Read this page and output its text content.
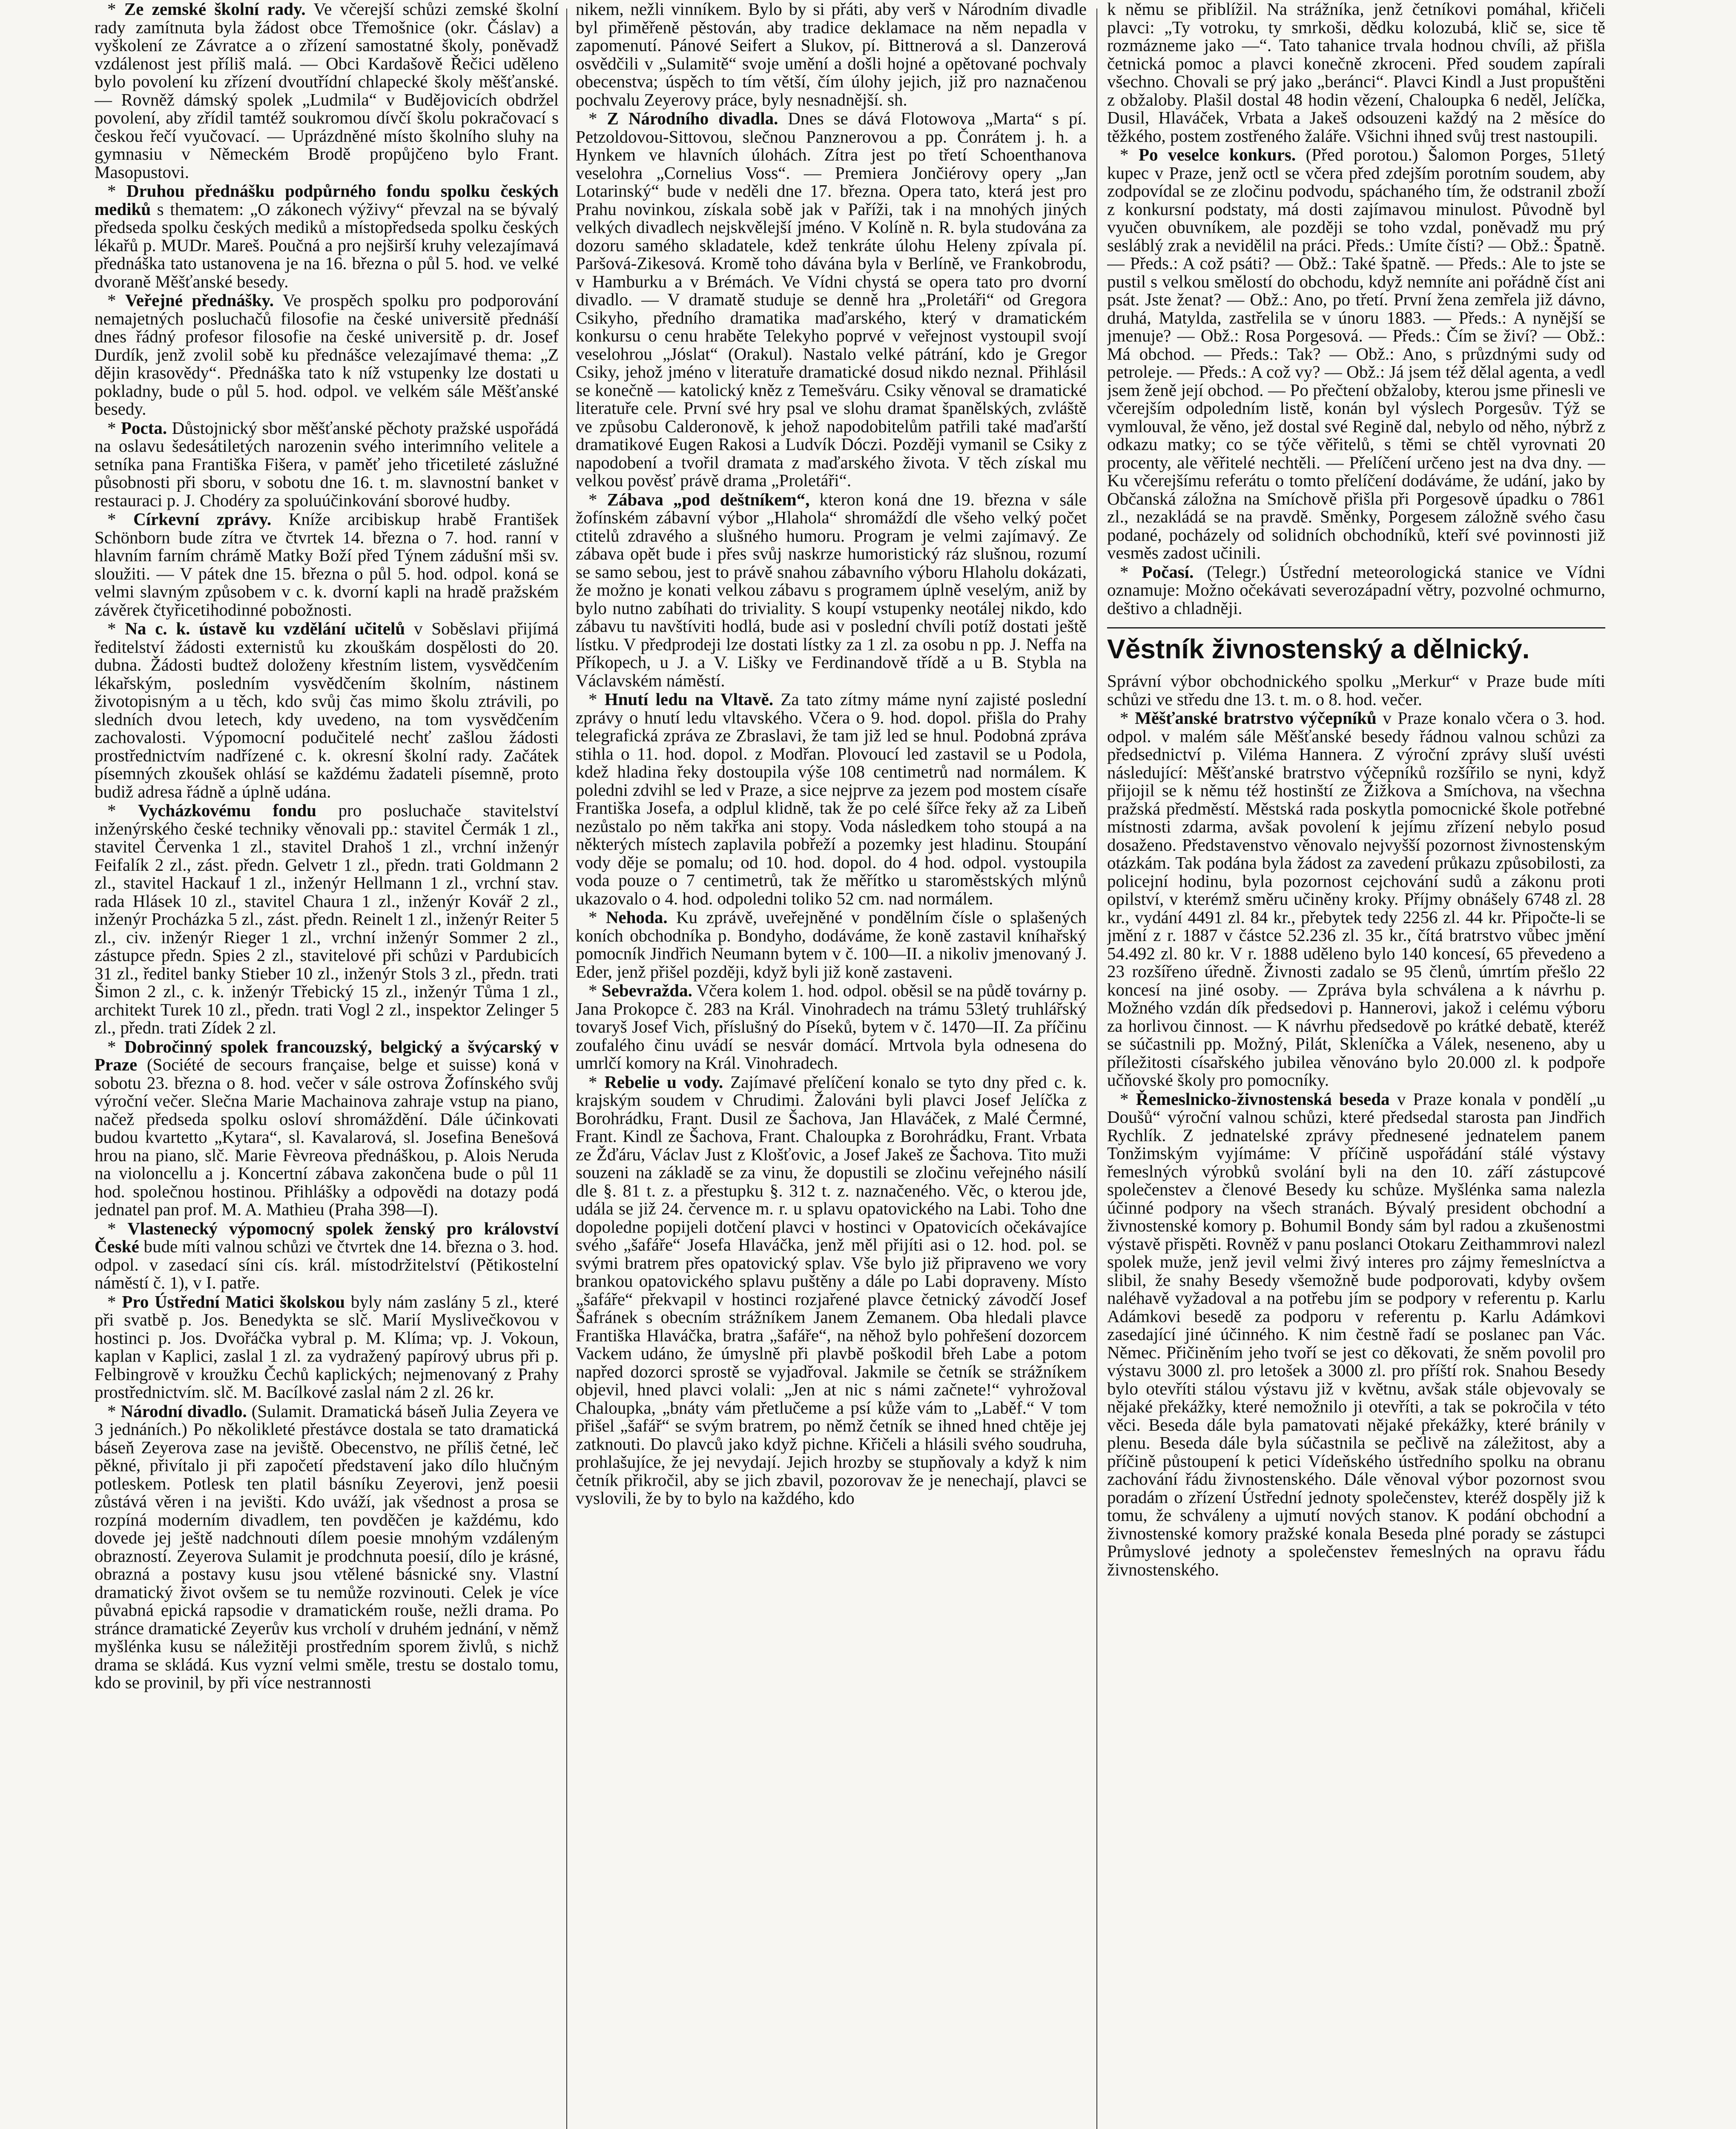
* Ze zemské školní rady. Ve včerejší schůzi zemské školní rady zamítnuta byla žádost obce Třemošnice (okr. Čáslav) a vyškolení ze Závratce a o zřízení samostatné školy, poněvadž vzdálenost jest příliš malá. — Obci Kardašově Řečici uděleno bylo povolení ku zřízení dvoutřídní chlapecké školy měšťanské. — Rovněž dámský spolek „Ludmila“ v Budějovicích obdržel povolení, aby zřídil tamtéž soukromou dívčí školu pokračovací s českou řečí vyučovací. — Uprázdněné místo školního sluhy na gymnasiu v Německém Brodě propůjčeno bylo Frant. Masopustovi.

* Druhou přednášku podpůrného fondu spolku českých mediků s thematem: „O zákonech výživy“ převzal na se bývalý předseda spolku českých mediků a místopředseda spolku českých lékařů p. MUDr. Mareš. Poučná a pro nejširší kruhy velezajímavá přednáška tato ustanovena je na 16. března o půl 5. hod. ve velké dvoraně Měšťanské besedy.

* Veřejné přednášky. Ve prospěch spolku pro podporování nemajetných posluchačů filosofie na české universitě přednáší dnes řádný profesor filosofie na české universitě p. dr. Josef Durdík, jenž zvolil sobě ku přednášce velezajímavé thema: „Z dějin krasovědy“. Přednáška tato k níž vstupenky lze dostati u pokladny, bude o půl 5. hod. odpol. ve velkém sále Měšťanské besedy.

* Pocta. Důstojnický sbor měšťanské pěchoty pražské uspořádá na oslavu šedesátiletých narozenin svého interimního velitele a setníka pana Františka Fišera, v paměť jeho třicetileté záslužné působnosti při sboru, v sobotu dne 16. t. m. slavnostní banket v restauraci p. J. Chodéry za spoluúčinkování sborové hudby.

* Církevní zprávy. Kníže arcibiskup hrabě František Schönborn bude zítra ve čtvrtek 14. března o 7. hod. ranní v hlavním farním chrámě Matky Boží před Týnem zádušní mši sv. sloužiti. — V pátek dne 15. března o půl 5. hod. odpol. koná se velmi slavným způsobem v c. k. dvorní kapli na hradě pražském závěrek čtyřicetihodinné pobožnosti.

* Na c. k. ústavě ku vzdělání učitelů v Soběslavi přijímá ředitelství žádosti externistů ku zkouškám dospělosti do 20. dubna. Žádosti budtež doloženy křestním listem, vysvědčením lékařským, posledním vysvědčením školním, nástinem životopisným a u těch, kdo svůj čas mimo školu ztrávili, po sledních dvou letech, kdy uvedeno, na tom vysvědčením zachovalosti. Výpomocní podučitelé nechť zašlou žádosti prostřednictvím nadřízené c. k. okresní školní rady. Začátek písemných zkoušek ohlásí se každému žadateli písemně, proto budiž adresa řádně a úplně udána.

* Vycházkovému fondu pro posluchače stavitelství inženýrského české techniky věnovali pp.: stavitel Čermák 1 zl., stavitel Červenka 1 zl., stavitel Drahoš 1 zl., vrchní inženýr Feifalík 2 zl., zást. předn. Gelvetr 1 zl., předn. trati Goldmann 2 zl., stavitel Hackauf 1 zl., inženýr Hellmann 1 zl., vrchní stav. rada Hlásek 10 zl., stavitel Chaura 1 zl., inženýr Kovář 2 zl., inženýr Procházka 5 zl., zást. předn. Reinelt 1 zl., inženýr Reiter 5 zl., civ. inženýr Rieger 1 zl., vrchní inženýr Sommer 2 zl., zástupce předn. Spies 2 zl., stavitelové při schůzi v Pardubicích 31 zl., ředitel banky Stieber 10 zl., inženýr Stols 3 zl., předn. trati Šimon 2 zl., c. k. inženýr Třebický 15 zl., inženýr Tůma 1 zl., architekt Turek 10 zl., předn. trati Vogl 2 zl., inspektor Zelinger 5 zl., předn. trati Zídek 2 zl.

* Dobročinný spolek francouzský, belgický a švýcarský v Praze (Société de secours française, belge et suisse) koná v sobotu 23. března o 8. hod. večer v sále ostrova Žofínského svůj výroční večer. Slečna Marie Machainova zahraje vstup na piano, načež předseda spolku osloví shromáždění. Dále účinkovati budou kvartetto „Kytara“, sl. Kavalarová, sl. Josefina Benešová hrou na piano, slč. Marie Fèvreova přednáškou, p. Alois Neruda na violoncellu a j. Koncertní zábava zakončena bude o půl 11 hod. společnou hostinou. Přihlášky a odpovědi na dotazy podá jednatel pan prof. M. A. Mathieu (Praha 398—I).

* Vlastenecký výpomocný spolek ženský pro království České bude míti valnou schůzi ve čtvrtek dne 14. března o 3. hod. odpol. v zasedací síni cís. král. místodržitelství (Pětikostelní náměstí č. 1), v I. patře.

* Pro Ústřední Matici školskou byly nám zaslány 5 zl., které při svatbě p. Jos. Benedykta se slč. Marií Myslivečkovou v hostinci p. Jos. Dvořáčka vybral p. M. Klíma; vp. J. Vokoun, kaplan v Kaplici, zaslal 1 zl. za vydražený papírový ubrus při p. Felbingrově v kroužku Čechů kaplických; nejmenovaný z Prahy prostřednictvím. slč. M. Bacílkové zaslal nám 2 zl. 26 kr.

* Národní divadlo. (Sulamit. Dramatická báseň Julia Zeyera ve 3 jednáních.) Po několikleté přestávce dostala se tato dramatická báseň Zeyerova zase na jeviště. Obecenstvo, ne příliš četné, leč pěkné, přivítalo ji při započetí představení jako dílo hlučným potleskem. Potlesk ten platil básníku Zeyerovi, jenž poesii zůstává věren i na jevišti. Kdo uváží, jak všednost a prosa se rozpíná moderním divadlem, ten povděčen je každému, kdo dovede jej ještě nadchnouti dílem poesie mnohým vzdáleným obrazností. Zeyerova Sulamit je prodchnuta poesií, dílo je krásné, obrazná a postavy kusu jsou vtělené básnické sny. Vlastní dramatický život ovšem se tu nemůže rozvinouti. Celek je více půvabná epická rapsodie v dramatickém rouše, nežli drama. Po stránce dramatické Zeyerův kus vrcholí v druhém jednání, v němž myšlénka kusu se náležitěji prostředním sporem živlů, s nichž drama se skládá. Kus vyzní velmi směle, trestu se dostalo tomu, kdo se provinil, by při více nestrannosti

nikem, nežli vinníkem. Bylo by si přáti, aby verš v Národním divadle byl přiměřeně pěstován, aby tradice deklamace na něm nepadla v zapomenutí. Pánové Seifert a Slukov, pí. Bittnerová a sl. Danzerová osvědčili v „Sulamitě“ svoje umění a došli hojné a opětované pochvaly obecenstva; úspěch to tím větší, čím úlohy jejich, již pro naznačenou pochvalu Zeyerovy práce, byly nesnadnější. sh.

* Z Národního divadla. Dnes se dává Flotowova „Marta“ s pí. Petzoldovou-Sittovou, slečnou Panznerovou a pp. Čonrátem j. h. a Hynkem ve hlavních úlohách. Zítra jest po třetí Schoenthanova veselohra „Cornelius Voss“. — Premiera Jončiérovy opery „Jan Lotarinský“ bude v neděli dne 17. března. Opera tato, která jest pro Prahu novinkou, získala sobě jak v Paříži, tak i na mnohých jiných velkých divadlech nejskvělejší jméno. V Kolíně n. R. byla studována za dozoru samého skladatele, kdež tenkráte úlohu Heleny zpívala pí. Paršová-Zikesová. Kromě toho dávána byla v Berlíně, ve Frankobrodu, v Hamburku a v Brémách. Ve Vídni chystá se opera tato pro dvorní divadlo. — V dramatě studuje se denně hra „Proletáři“ od Gregora Csikyho, předního dramatika maďarského, který v dramatickém konkursu o cenu hraběte Telekyho poprvé v veřejnost vystoupil svojí veselohrou „Jóslat“ (Orakul). Nastalo velké pátrání, kdo je Gregor Csiky, jehož jméno v literatuře dramatické dosud nikdo neznal. Přihlásil se konečně — katolický kněz z Temešváru. Csiky věnoval se dramatické literatuře cele. První své hry psal ve slohu dramat španělských, zvláště ve způsobu Calderonově, k jehož napodobitelům patřili také maďarští dramatikové Eugen Rakosi a Ludvík Dóczi. Později vymanil se Csiky z napodobení a tvořil dramata z maďarského života. V těch získal mu velkou pověsť právě drama „Proletáři“.

* Zábava „pod deštníkem“, kteron koná dne 19. března v sále žofínském zábavní výbor „Hlahola“ shromáždí dle všeho velký počet ctitelů zdravého a slušného humoru. Program je velmi zajímavý. Ze zábava opět bude i přes svůj naskrze humoristický ráz slušnou, rozumí se samo sebou, jest to právě snahou zábavního výboru Hlaholu dokázati, že možno je konati velkou zábavu s programem úplně veselým, aniž by bylo nutno zabíhati do triviality. S koupí vstupenky neotálej nikdo, kdo zábavu tu navštíviti hodlá, bude asi v poslední chvíli potíž dostati ještě lístku. V předprodeji lze dostati lístky za 1 zl. za osobu n pp. J. Neffa na Příkopech, u J. a V. Lišky ve Ferdinandově třídě a u B. Stybla na Václavském náměstí.

* Hnutí ledu na Vltavě. Za tato zítmy máme nyní zajisté poslední zprávy o hnutí ledu vltavského. Včera o 9. hod. dopol. přišla do Prahy telegrafická zpráva ze Zbraslavi, že tam již led se hnul. Podobná zpráva stihla o 11. hod. dopol. z Modřan. Plovoucí led zastavil se u Podola, kdež hladina řeky dostoupila výše 108 centimetrů nad normálem. K poledni zdvihl se led v Praze, a sice nejprve za jezem pod mostem císaře Františka Josefa, a odplul klidně, tak že po celé šířce řeky až za Libeň nezůstalo po něm takřka ani stopy. Voda následkem toho stoupá a na některých místech zaplavila pobřeží a pozemky jest hladinu. Stoupání vody děje se pomalu; od 10. hod. dopol. do 4 hod. odpol. vystoupila voda pouze o 7 centimetrů, tak že měřítko u staroměstských mlýnů ukazovalo o 4. hod. odpoledni toliko 52 cm. nad normálem.

* Nehoda. Ku zprávě, uveřejněné v pondělním čísle o splašených koních obchodníka p. Bondyho, dodáváme, že koně zastavil kníhařský pomocník Jindřich Neumann bytem v č. 100—II. a nikoliv jmenovaný J. Eder, jenž přišel později, když byli již koně zastaveni.

* Sebevražda. Včera kolem 1. hod. odpol. oběsil se na půdě továrny p. Jana Prokopce č. 283 na Král. Vinohradech na trámu 53letý truhlářský tovaryš Josef Vich, příslušný do Píseků, bytem v č. 1470—II. Za příčinu zoufalého činu uvádí se nesvár domácí. Mrtvola byla odnesena do umrlčí komory na Král. Vinohradech.

* Rebelie u vody. Zajímavé přelíčení konalo se tyto dny před c. k. krajským soudem v Chrudimi. Žalováni byli plavci Josef Jelíčka z Borohrádku, Frant. Dusil ze Šachova, Jan Hlaváček, z Malé Čermné, Frant. Kindl ze Šachova, Frant. Chaloupka z Borohrádku, Frant. Vrbata ze Žďáru, Václav Just z Klošťovic, a Josef Jakeš ze Šachova. Tito muži souzeni na základě se za vinu, že dopustili se zločinu veřejného násilí dle §. 81 t. z. a přestupku §. 312 t. z. naznačeného. Věc, o kterou jde, udála se již 24. července m. r. u splavu opatovického na Labi. Toho dne dopoledne popijeli dotčení plavci v hostinci v Opatovicích očekávajíce svého „šafáře“ Josefa Hlaváčka, jenž měl přijíti asi o 12. hod. pol. se svými bratrem přes opatovický splav. Vše bylo již připraveno we vory brankou opatovického splavu puštěny a dále po Labi dopraveny. Místo „šafáře“ překvapil v hostinci rozjařené plavce četnický závodčí Josef Šafránek s obecním strážníkem Janem Zemanem. Oba hledali plavce Františka Hlaváčka, bratra „šafáře“, na něhož bylo pohřešení dozorcem Vackem udáno, že úmyslně při plavbě poškodil břeh Labe a potom napřed dozorci sprostě se vyjadřoval. Jakmile se četník se strážníkem objevil, hned plavci volali: „Jen at nic s námi začnete!“ vyhrožoval Chaloupka, „bnáty vám přetlučeme a psí kůže vám to „Laběf.“ V tom přišel „šafář“ se svým bratrem, po němž četník se ihned hned chtěje jej zatknouti. Do plavců jako když pichne. Křičeli a hlásili svého soudruha, prohlašujíce, že jej nevydají. Jejich hrozby se stupňovaly a když k nim četník přikročil, aby se jich zbavil, pozorovav že je nenechají, plavci se vyslovili, že by to bylo na každého, kdo

k němu se přiblížil. Na strážníka, jenž četníkovi pomáhal, křičeli plavci: „Ty votroku, ty smrkoši, dědku kolozubá, klič se, sice tě rozmázneme jako —“. Tato tahanice trvala hodnou chvíli, až přišla četnická pomoc a plavci konečně zkroceni. Před soudem zapírali všechno. Chovali se prý jako „beránci“. Plavci Kindl a Just propuštěni z obžaloby. Plašil dostal 48 hodin vězení, Chaloupka 6 neděl, Jelíčka, Dusil, Hlaváček, Vrbata a Jakeš odsouzeni každý na 2 měsíce do těžkého, postem zostřeného žaláře. Všichni ihned svůj trest nastoupili.

* Po veselce konkurs. (Před porotou.) Šalomon Porges, 51letý kupec v Praze, jenž octl se včera před zdejším porotním soudem, aby zodpovídal se ze zločinu podvodu, spáchaného tím, že odstranil zboží z konkursní podstaty, má dosti zajímavou minulost. Původně byl vyučen obuvníkem, ale později se toho vzdal, poněvadž mu prý sesláblý zrak a nevidělil na práci. Předs.: Umíte čísti? — Obž.: Špatně. — Předs.: A což psáti? — Obž.: Také špatně. — Předs.: Ale to jste se pustil s velkou smělostí do obchodu, když nemníte ani pořádně číst ani psát. Jste ženat? — Obž.: Ano, po třetí. První žena zemřela již dávno, druhá, Matylda, zastřelila se v únoru 1883. — Předs.: A nynější se jmenuje? — Obž.: Rosa Porgesová. — Předs.: Čím se živí? — Obž.: Má obchod. — Předs.: Tak? — Obž.: Ano, s průzdnými sudy od petroleje. — Předs.: A což vy? — Obž.: Já jsem též dělal agenta, a vedl jsem ženě její obchod. — Po přečtení obžaloby, kterou jsme přinesli ve včerejším odpoledním listě, konán byl výslech Porgesův. Týž se vymlouval, že věno, jež dostal své Regině dal, nebylo od něho, nýbrž z odkazu matky; co se týče věřitelů, s těmi se chtěl vyrovnati 20 procenty, ale věřitelé nechtěli. — Přelíčení určeno jest na dva dny. — Ku včerejšímu referátu o tomto přelíčení dodáváme, že udání, jako by Občanská záložna na Smíchově přišla při Porgesově úpadku o 7861 zl., nezakládá se na pravdě. Směnky, Porgesem záložně svého času podané, pocházely od solidních obchodníků, kteří své povinnosti již vesměs zadost učinili.

* Počasí. (Telegr.) Ústřední meteorologická stanice ve Vídni oznamuje: Možno očekávati severozápadní větry, pozvolné ochmurno, deštivo a chladněji.

Věstník živnostenský a dělnický.

Správní výbor obchodnického spolku „Merkur“ v Praze bude míti schůzi ve středu dne 13. t. m. o 8. hod. večer.

* Měšťanské bratrstvo výčepníků v Praze konalo včera o 3. hod. odpol. v malém sále Měšťanské besedy řádnou valnou schůzi za předsednictví p. Vilémа Hannera. Z výroční zprávy sluší uvésti následující: Měšťanské bratrstvo výčepníků rozšířilo se nyni, když přijojil se k němu též hostinští ze Žižkova a Smíchova, na všechna pražská předměstí. Městská rada poskytla pomocnické škole potřebné místnosti zdarma, avšak povolení k jejímu zřízení nebylo posud dosaženo. Představenstvo věnovalo nejvyšší pozornost živnostenským otázkám. Tak podána byla žádost za zavedení průkazu způsobilosti, za policejní hodinu, byla pozornost cejchování sudů a zákonu proti opilství, v kterémž směru učiněny kroky. Příjmy obnášely 6748 zl. 28 kr., vydání 4491 zl. 84 kr., přebytek tedy 2256 zl. 44 kr. Připočte-li se jmění z r. 1887 v částce 52.236 zl. 35 kr., čítá bratrstvo vůbec jmění 54.492 zl. 80 kr. V r. 1888 uděleno bylo 140 koncesí, 65 převedeno a 23 rozšířeno úředně. Živnosti zadalo se 95 členů, úmrtím přešlo 22 koncesí na jiné osoby. — Zpráva byla schválena a k návrhu p. Možného vzdán dík předsedovi p. Hannerovi, jakož i celému výboru za horlivou činnost. — K návrhu předsedově po krátké debatě, kteréž se súčastnili pp. Možný, Pilát, Skleníčka a Válek, neseneno, aby u příležitosti císařského jubilea věnováno bylo 20.000 zl. k podpoře učňovské školy pro pomocníky.

* Řemeslnicko-živnostenská beseda v Praze konala v pondělí „u Doušů“ výroční valnou schůzi, které předsedal starosta pan Jindřich Rychlík. Z jednatelské zprávy přednesené jednatelem panem Tonžimským vyjímáme: V příčině uspořádání stálé výstavy řemeslných výrobků svolání byli na den 10. září zástupcové společenstev a členové Besedy ku schůze. Myšlénka sama nalezla účinné podpory na všech stranách. Bývalý president obchodní a živnostenské komory p. Bohumil Bondy sám byl radou a zkušenostmi výstavě přispěti. Rovněž v panu poslanci Otokaru Zeithammrovi nalezl spolek muže, jenž jevil velmi živý interes pro zájmy řemeslníctva a slibil, že snahy Besedy všemožně bude podporovati, kdyby ovšem naléhavě vyžadoval a na potřebu jím se podpory v referentu p. Karlu Adámkovi besedě za podporu v referentu p. Karlu Adámkovi zasedající jiné účinného. K nim čestně řadí se poslanec pan Vác. Němec. Přičiněním jeho tvoří se jest co děkovati, že sněm povolil pro výstavu 3000 zl. pro letošek a 3000 zl. pro příští rok. Snahou Besedy bylo otevříti stálou výstavu již v květnu, avšak stále objevovaly se nějaké překážky, které nemožnilo ji otevříti, a tak se pokročila v této věci. Beseda dále byla pamatovati nějaké překážky, které bránily v plenu. Beseda dále byla súčastnila se pečlivě na záležitost, aby a příčině půstoupení k petici Vídeňského ústředního spolku na obranu zachování řádu živnostenského. Dále věnoval výbor pozornost svou poradám o zřízení Ústřední jednoty společenstev, kteréž dospěly již k tomu, že schváleny a ujmutí nových stanov. K podání obchodní a živnostenské komory pražské konala Beseda plné porady se zástupci Průmyslové jednoty a společenstev řemeslných na opravu řádu živnostenského.
